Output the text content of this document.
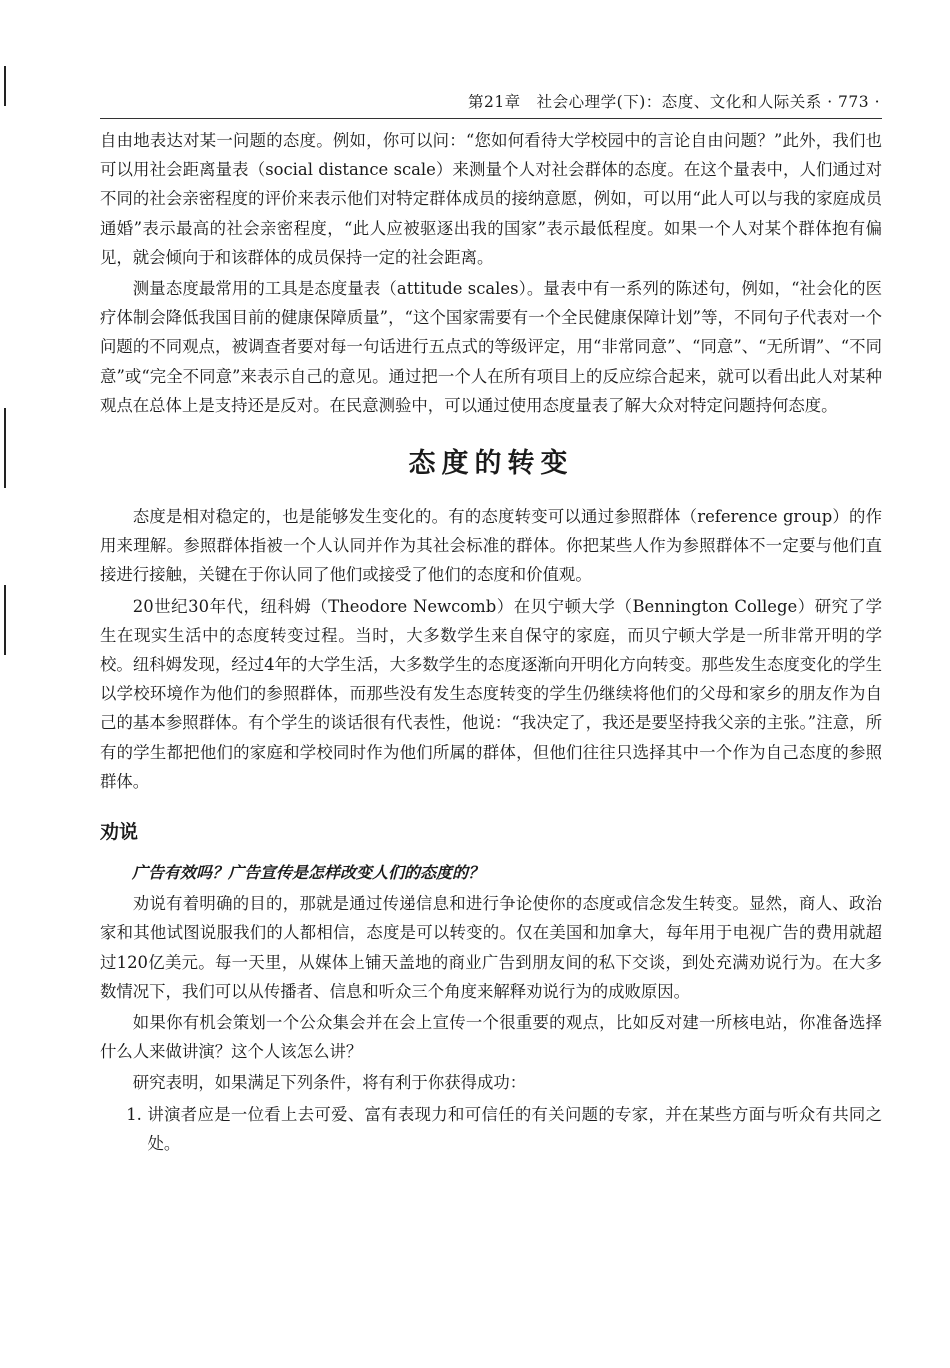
第21章　社会心理学(下)：态度、文化和人际关系 · 773 ·

自由地表达对某一问题的态度。例如，你可以问：“您如何看待大学校园中的言论自由问题？”此外，我们也可以用社会距离量表（social distance scale）来测量个人对社会群体的态度。在这个量表中，人们通过对不同的社会亲密程度的评价来表示他们对特定群体成员的接纳意愿，例如，可以用“此人可以与我的家庭成员通婚”表示最高的社会亲密程度，“此人应被驱逐出我的国家”表示最低程度。如果一个人对某个群体抱有偏见，就会倾向于和该群体的成员保持一定的社会距离。

测量态度最常用的工具是态度量表（attitude scales）。量表中有一系列的陈述句，例如，“社会化的医疗体制会降低我国目前的健康保障质量”，“这个国家需要有一个全民健康保障计划”等，不同句子代表对一个问题的不同观点，被调查者要对每一句话进行五点式的等级评定，用“非常同意”、“同意”、“无所谓”、“不同意”或“完全不同意”来表示自己的意见。通过把一个人在所有项目上的反应综合起来，就可以看出此人对某种观点在总体上是支持还是反对。在民意测验中，可以通过使用态度量表了解大众对特定问题持何态度。

态度的转变

态度是相对稳定的，也是能够发生变化的。有的态度转变可以通过参照群体（reference group）的作用来理解。参照群体指被一个人认同并作为其社会标准的群体。你把某些人作为参照群体不一定要与他们直接进行接触，关键在于你认同了他们或接受了他们的态度和价值观。

20世纪30年代，纽科姆（Theodore Newcomb）在贝宁顿大学（Bennington College）研究了学生在现实生活中的态度转变过程。当时，大多数学生来自保守的家庭，而贝宁顿大学是一所非常开明的学校。纽科姆发现，经过4年的大学生活，大多数学生的态度逐渐向开明化方向转变。那些发生态度变化的学生以学校环境作为他们的参照群体，而那些没有发生态度转变的学生仍继续将他们的父母和家乡的朋友作为自己的基本参照群体。有个学生的谈话很有代表性，他说：“我决定了，我还是要坚持我父亲的主张。”注意，所有的学生都把他们的家庭和学校同时作为他们所属的群体，但他们往往只选择其中一个作为自己态度的参照群体。

劝说

广告有效吗？广告宣传是怎样改变人们的态度的？

劝说有着明确的目的，那就是通过传递信息和进行争论使你的态度或信念发生转变。显然，商人、政治家和其他试图说服我们的人都相信，态度是可以转变的。仅在美国和加拿大，每年用于电视广告的费用就超过120亿美元。每一天里，从媒体上铺天盖地的商业广告到朋友间的私下交谈，到处充满劝说行为。在大多数情况下，我们可以从传播者、信息和听众三个角度来解释劝说行为的成败原因。

如果你有机会策划一个公众集会并在会上宣传一个很重要的观点，比如反对建一所核电站，你准备选择什么人来做讲演？这个人该怎么讲？

研究表明，如果满足下列条件，将有利于你获得成功：

1. 讲演者应是一位看上去可爱、富有表现力和可信任的有关问题的专家，并在某些方面与听众有共同之处。
